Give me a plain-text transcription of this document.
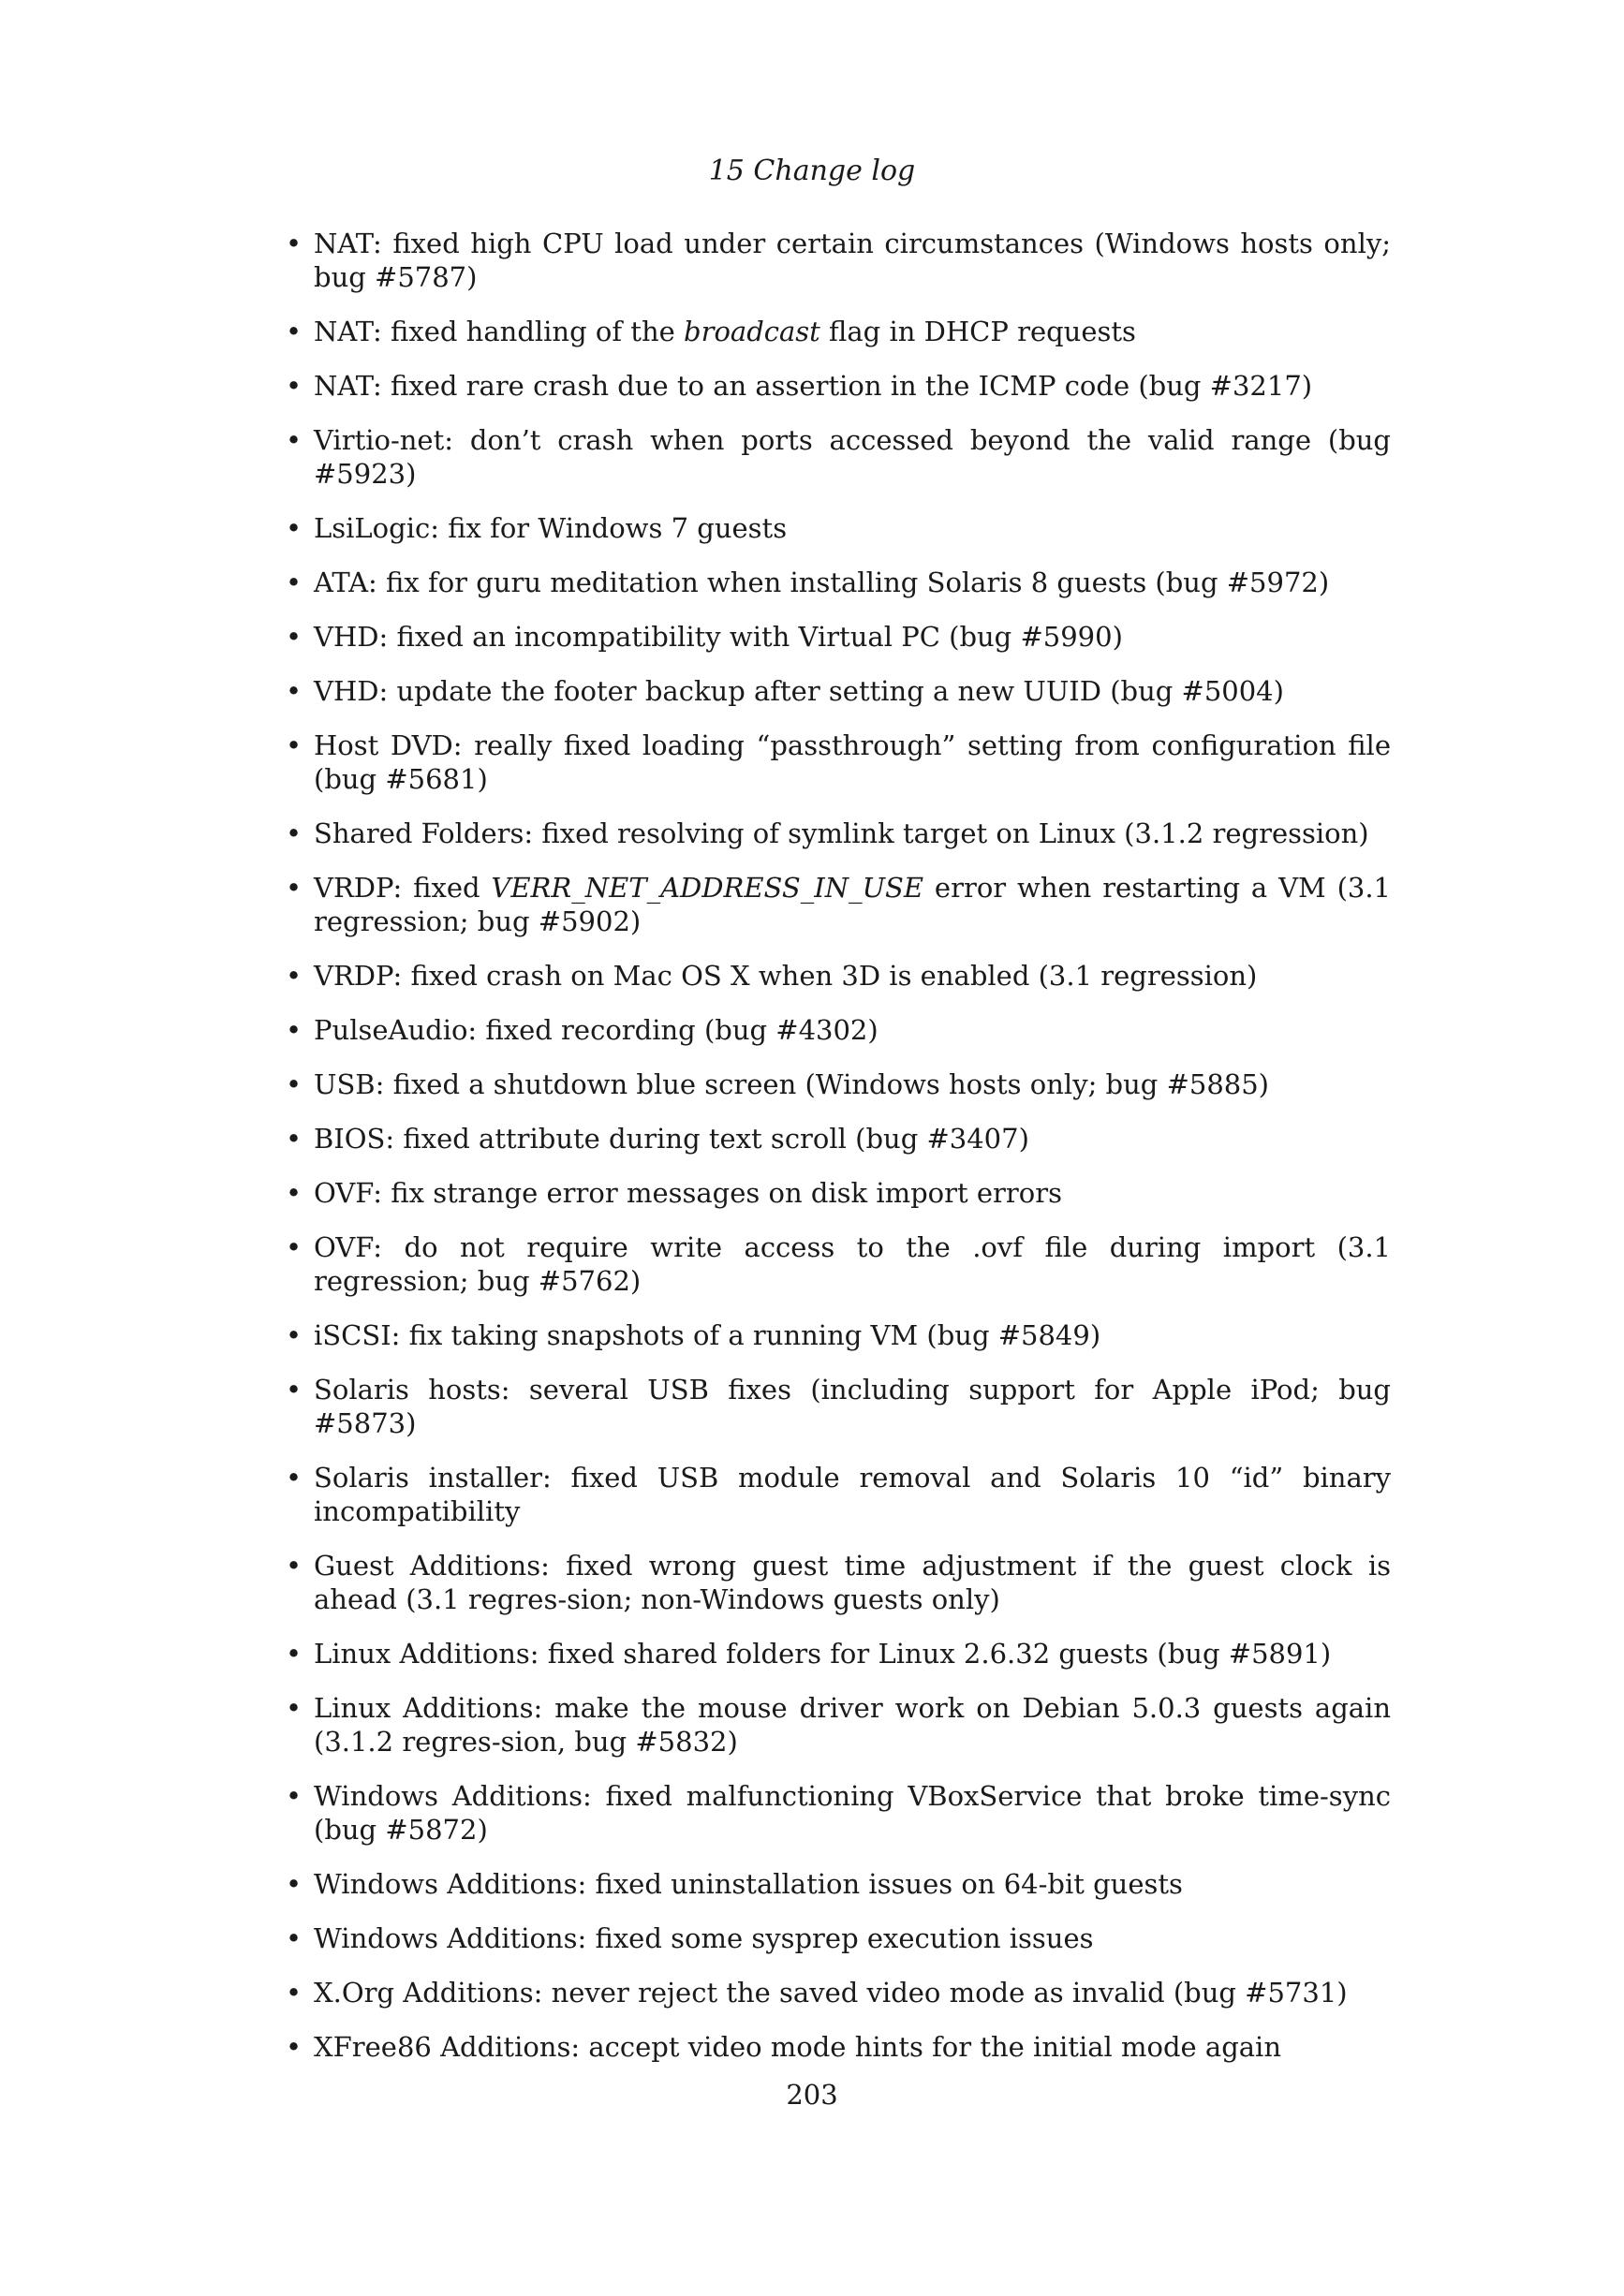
15 Change log
• NAT: fixed high CPU load under certain circumstances (Windows hosts only; bug #5787)
• NAT: fixed handling of the broadcast flag in DHCP requests
• NAT: fixed rare crash due to an assertion in the ICMP code (bug #3217)
• Virtio-net: don’t crash when ports accessed beyond the valid range (bug #5923)
• LsiLogic: fix for Windows 7 guests
• ATA: fix for guru meditation when installing Solaris 8 guests (bug #5972)
• VHD: fixed an incompatibility with Virtual PC (bug #5990)
• VHD: update the footer backup after setting a new UUID (bug #5004)
• Host DVD: really fixed loading “passthrough” setting from configuration file (bug #5681)
• Shared Folders: fixed resolving of symlink target on Linux (3.1.2 regression)
• VRDP: fixed VERR_NET_ADDRESS_IN_USE error when restarting a VM (3.1 regression; bug #5902)
• VRDP: fixed crash on Mac OS X when 3D is enabled (3.1 regression)
• PulseAudio: fixed recording (bug #4302)
• USB: fixed a shutdown blue screen (Windows hosts only; bug #5885)
• BIOS: fixed attribute during text scroll (bug #3407)
• OVF: fix strange error messages on disk import errors
• OVF: do not require write access to the .ovf file during import (3.1 regression; bug #5762)
• iSCSI: fix taking snapshots of a running VM (bug #5849)
• Solaris hosts: several USB fixes (including support for Apple iPod; bug #5873)
• Solaris installer: fixed USB module removal and Solaris 10 “id” binary incompatibility
• Guest Additions: fixed wrong guest time adjustment if the guest clock is ahead (3.1 regres-sion; non-Windows guests only)
• Linux Additions: fixed shared folders for Linux 2.6.32 guests (bug #5891)
• Linux Additions: make the mouse driver work on Debian 5.0.3 guests again (3.1.2 regres-sion, bug #5832)
• Windows Additions: fixed malfunctioning VBoxService that broke time-sync (bug #5872)
• Windows Additions: fixed uninstallation issues on 64-bit guests
• Windows Additions: fixed some sysprep execution issues
• X.Org Additions: never reject the saved video mode as invalid (bug #5731)
• XFree86 Additions: accept video mode hints for the initial mode again
203
